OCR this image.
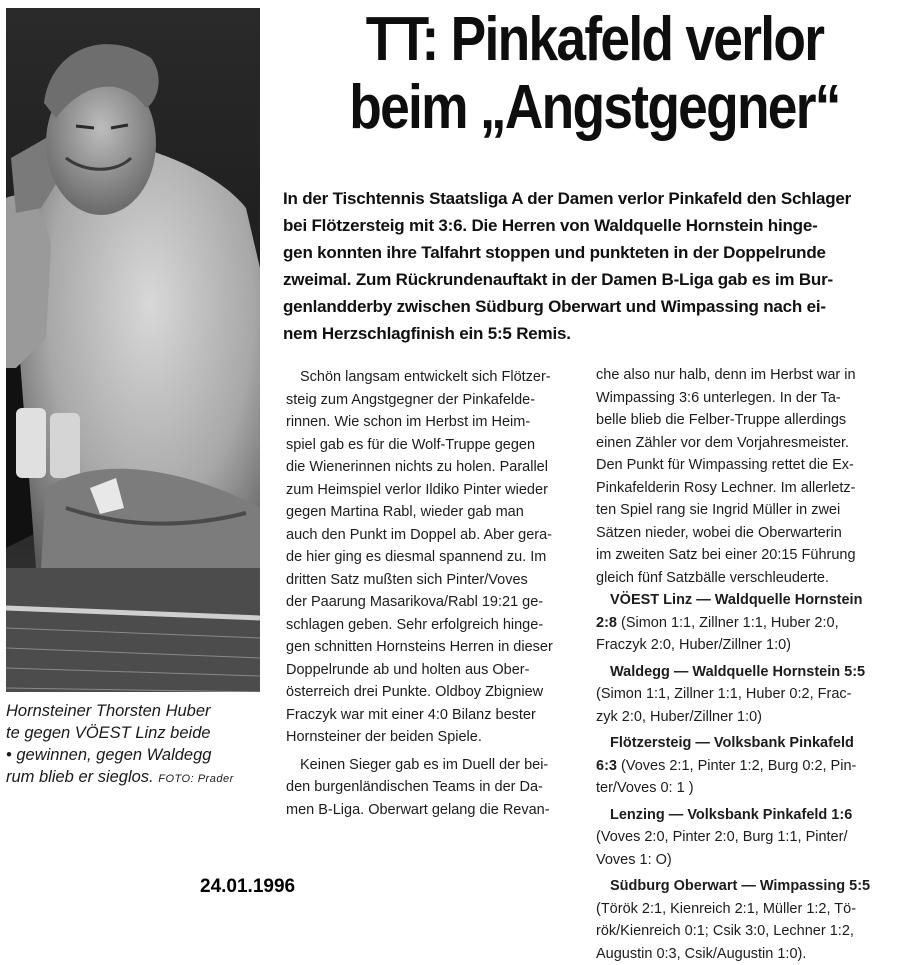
Hornsteiner Thorsten Huber
te gegen VÖEST Linz beide
• gewinnen, gegen Waldegg
rum blieb er sieglos. FOTO: Prader
TT: Pinkafeld verlor
beim „Angstgegner“
In der Tischtennis Staatsliga A der Damen verlor Pinkafeld den Schlager
bei Flötzersteig mit 3:6. Die Herren von Waldquelle Hornstein hinge-
gen konnten ihre Talfahrt stoppen und punkteten in der Doppelrunde
zweimal. Zum Rückrundenauftakt in der Damen B-Liga gab es im Bur-
genlandderby zwischen Südburg Oberwart und Wimpassing nach ei-
nem Herzschlagfinish ein 5:5 Remis.
Schön langsam entwickelt sich Flötzer-
steig zum Angstgegner der Pinkafelde-
rinnen. Wie schon im Herbst im Heim-
spiel gab es für die Wolf-Truppe gegen
die Wienerinnen nichts zu holen. Parallel
zum Heimspiel verlor Ildiko Pinter wieder
gegen Martina Rabl, wieder gab man
auch den Punkt im Doppel ab. Aber gera-
de hier ging es diesmal spannend zu. Im
dritten Satz mußten sich Pinter/Voves
der Paarung Masarikova/Rabl 19:21 ge-
schlagen geben. Sehr erfolgreich hinge-
gen schnitten Hornsteins Herren in dieser
Doppelrunde ab und holten aus Ober-
österreich drei Punkte. Oldboy Zbigniew
Fraczyk war mit einer 4:0 Bilanz bester
Hornsteiner der beiden Spiele.
Keinen Sieger gab es im Duell der bei-
den burgenländischen Teams in der Da-
men B-Liga. Oberwart gelang die Revan-
che also nur halb, denn im Herbst war in
Wimpassing 3:6 unterlegen. In der Ta-
belle blieb die Felber-Truppe allerdings
einen Zähler vor dem Vorjahresmeister.
Den Punkt für Wimpassing rettet die Ex-
Pinkafelderin Rosy Lechner. Im allerletz-
ten Spiel rang sie Ingrid Müller in zwei
Sätzen nieder, wobei die Oberwarterin
im zweiten Satz bei einer 20:15 Führung
gleich fünf Satzbälle verschleuderte.
VÖEST Linz — Waldquelle Hornstein
2:8 (Simon 1:1, Zillner 1:1, Huber 2:0,
Fraczyk 2:0, Huber/Zillner 1:0)
Waldegg — Waldquelle Hornstein 5:5
(Simon 1:1, Zillner 1:1, Huber 0:2, Frac-
zyk 2:0, Huber/Zillner 1:0)
Flötzersteig — Volksbank Pinkafeld
6:3 (Voves 2:1, Pinter 1:2, Burg 0:2, Pin-
ter/Voves 0: 1 )
Lenzing — Volksbank Pinkafeld 1:6
(Voves 2:0, Pinter 2:0, Burg 1:1, Pinter/
Voves 1: O)
Südburg Oberwart — Wimpassing 5:5
(Török 2:1, Kienreich 2:1, Müller 1:2, Tö-
rök/Kienreich 0:1; Csik 3:0, Lechner 1:2,
Augustin 0:3, Csik/Augustin 1:0).
24.01.1996
